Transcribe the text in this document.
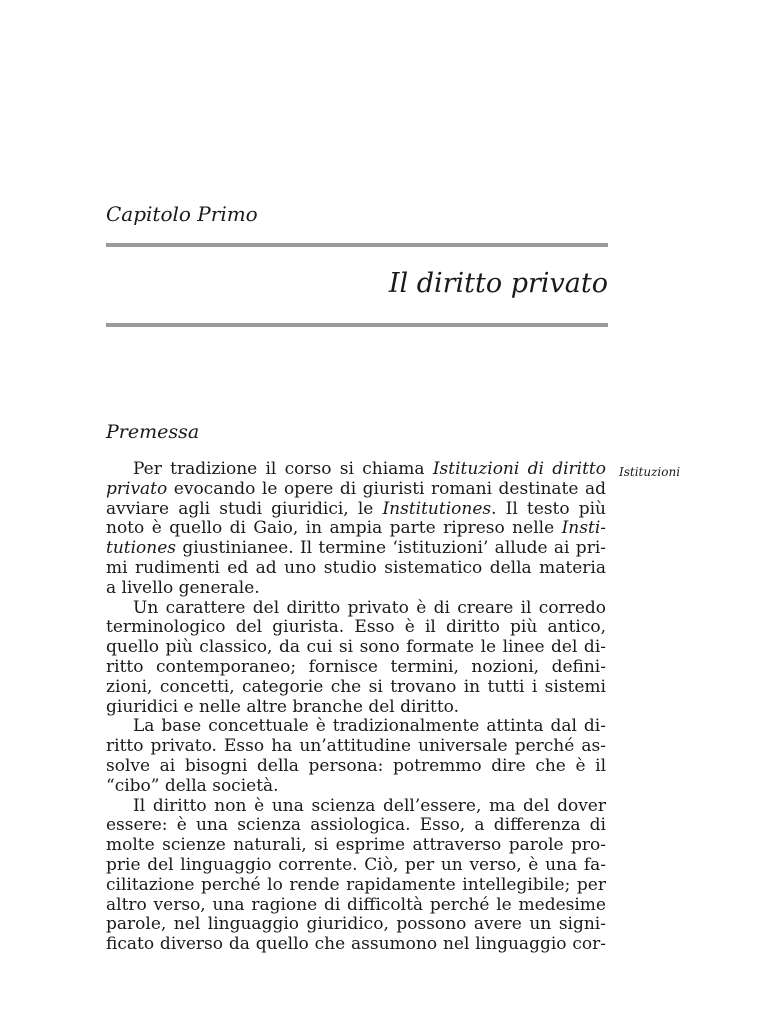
Capitolo Primo
Il diritto privato
Premessa
Istituzioni
Per tradizione il corso si chiama Istituzioni di diritto
privato evocando le opere di giuristi romani destinate ad
avviare agli studi giuridici, le Institutiones. Il testo più
noto è quello di Gaio, in ampia parte ripreso nelle Insti-
tutiones giustinianee. Il termine ‘istituzioni’ allude ai pri-
mi rudimenti ed ad uno studio sistematico della materia
a livello generale.
Un carattere del diritto privato è di creare il corredo
terminologico del giurista. Esso è il diritto più antico,
quello più classico, da cui si sono formate le linee del di-
ritto contemporaneo; fornisce termini, nozioni, defini-
zioni, concetti, categorie che si trovano in tutti i sistemi
giuridici e nelle altre branche del diritto.
La base concettuale è tradizionalmente attinta dal di-
ritto privato. Esso ha un’attitudine universale perché as-
solve ai bisogni della persona: potremmo dire che è il
“cibo” della società.
Il diritto non è una scienza dell’essere, ma del dover
essere: è una scienza assiologica. Esso, a differenza di
molte scienze naturali, si esprime attraverso parole pro-
prie del linguaggio corrente. Ciò, per un verso, è una fa-
cilitazione perché lo rende rapidamente intellegibile; per
altro verso, una ragione di difficoltà perché le medesime
parole, nel linguaggio giuridico, possono avere un signi-
ficato diverso da quello che assumono nel linguaggio cor-
